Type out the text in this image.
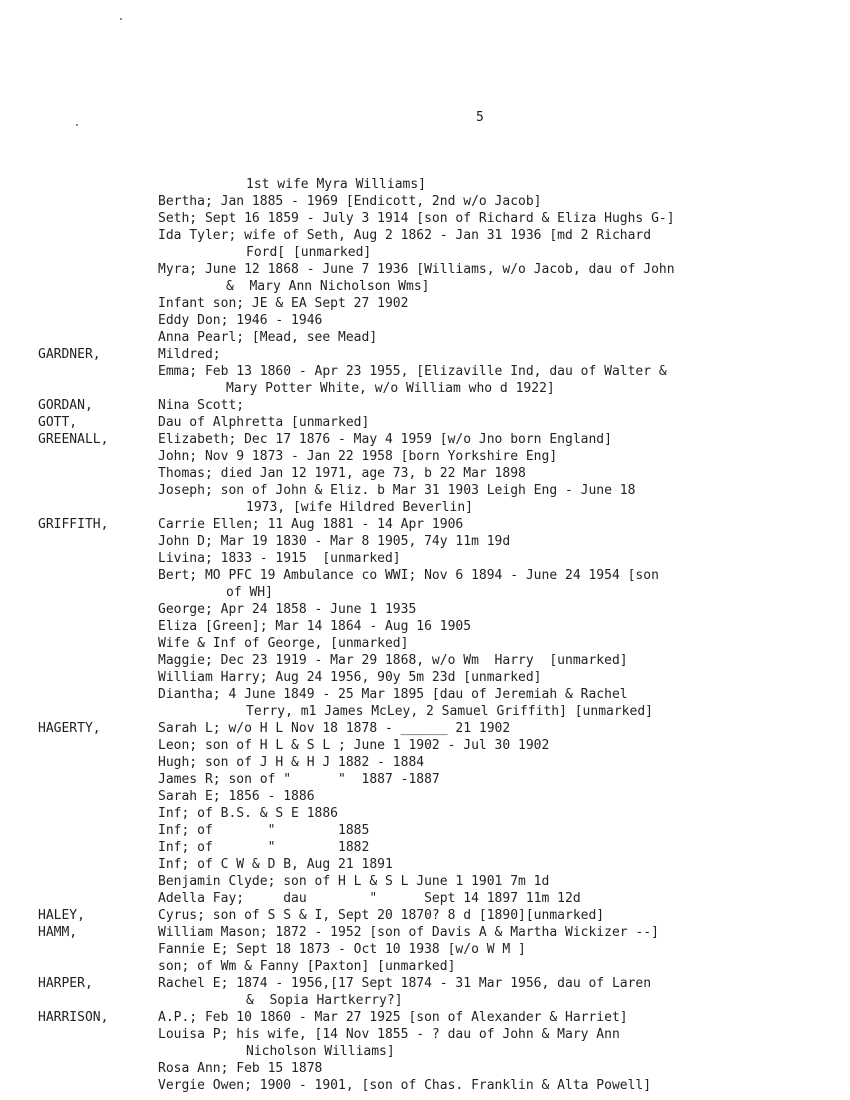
5
1st wife Myra Williams]
Bertha; Jan 1885 - 1969 [Endicott, 2nd w/o Jacob]
Seth; Sept 16 1859 - July 3 1914 [son of Richard & Eliza Hughs G-]
Ida Tyler; wife of Seth, Aug 2 1862 - Jan 31 1936 [md 2 Richard
Ford[ [unmarked]
Myra; June 12 1868 - June 7 1936 [Williams, w/o Jacob, dau of John
&  Mary Ann Nicholson Wms]
Infant son; JE & EA Sept 27 1902
Eddy Don; 1946 - 1946
Anna Pearl; [Mead, see Mead]
GARDNER,	Mildred;
Emma; Feb 13 1860 - Apr 23 1955, [Elizaville Ind, dau of Walter &
Mary Potter White, w/o William who d 1922]
GORDAN,	Nina Scott;
GOTT,	Dau of Alphretta [unmarked]
GREENALL,	Elizabeth; Dec 17 1876 - May 4 1959 [w/o Jno born England]
John; Nov 9 1873 - Jan 22 1958 [born Yorkshire Eng]
Thomas; died Jan 12 1971, age 73, b 22 Mar 1898
Joseph; son of John & Eliz. b Mar 31 1903 Leigh Eng - June 18
1973, [wife Hildred Beverlin]
GRIFFITH,	Carrie Ellen; 11 Aug 1881 - 14 Apr 1906
John D; Mar 19 1830 - Mar 8 1905, 74y 11m 19d
Livina; 1833 - 1915  [unmarked]
Bert; MO PFC 19 Ambulance co WWI; Nov 6 1894 - June 24 1954 [son
of WH]
George; Apr 24 1858 - June 1 1935
Eliza [Green]; Mar 14 1864 - Aug 16 1905
Wife & Inf of George, [unmarked]
Maggie; Dec 23 1919 - Mar 29 1868, w/o Wm  Harry  [unmarked]
William Harry; Aug 24 1956, 90y 5m 23d [unmarked]
Diantha; 4 June 1849 - 25 Mar 1895 [dau of Jeremiah & Rachel
Terry, m1 James McLey, 2 Samuel Griffith] [unmarked]
HAGERTY,	Sarah L; w/o H L Nov 18 1878 - ______ 21 1902
Leon; son of H L & S L ; June 1 1902 - Jul 30 1902
Hugh; son of J H & H J 1882 - 1884
James R; son of "      "  1887 -1887
Sarah E; 1856 - 1886
Inf; of B.S. & S E 1886
Inf; of       "        1885
Inf; of       "        1882
Inf; of C W & D B, Aug 21 1891
Benjamin Clyde; son of H L & S L June 1 1901 7m 1d
Adella Fay;     dau        "      Sept 14 1897 11m 12d
HALEY,	Cyrus; son of S S & I, Sept 20 1870? 8 d [1890][unmarked]
HAMM,	William Mason; 1872 - 1952 [son of Davis A & Martha Wickizer --]
Fannie E; Sept 18 1873 - Oct 10 1938 [w/o W M ]
son; of Wm & Fanny [Paxton] [unmarked]
HARPER,	Rachel E; 1874 - 1956,[17 Sept 1874 - 31 Mar 1956, dau of Laren
&  Sopia Hartkerry?]
HARRISON,	A.P.; Feb 10 1860 - Mar 27 1925 [son of Alexander & Harriet]
Louisa P; his wife, [14 Nov 1855 - ? dau of John & Mary Ann
Nicholson Williams]
Rosa Ann; Feb 15 1878
Vergie Owen; 1900 - 1901, [son of Chas. Franklin & Alta Powell]
